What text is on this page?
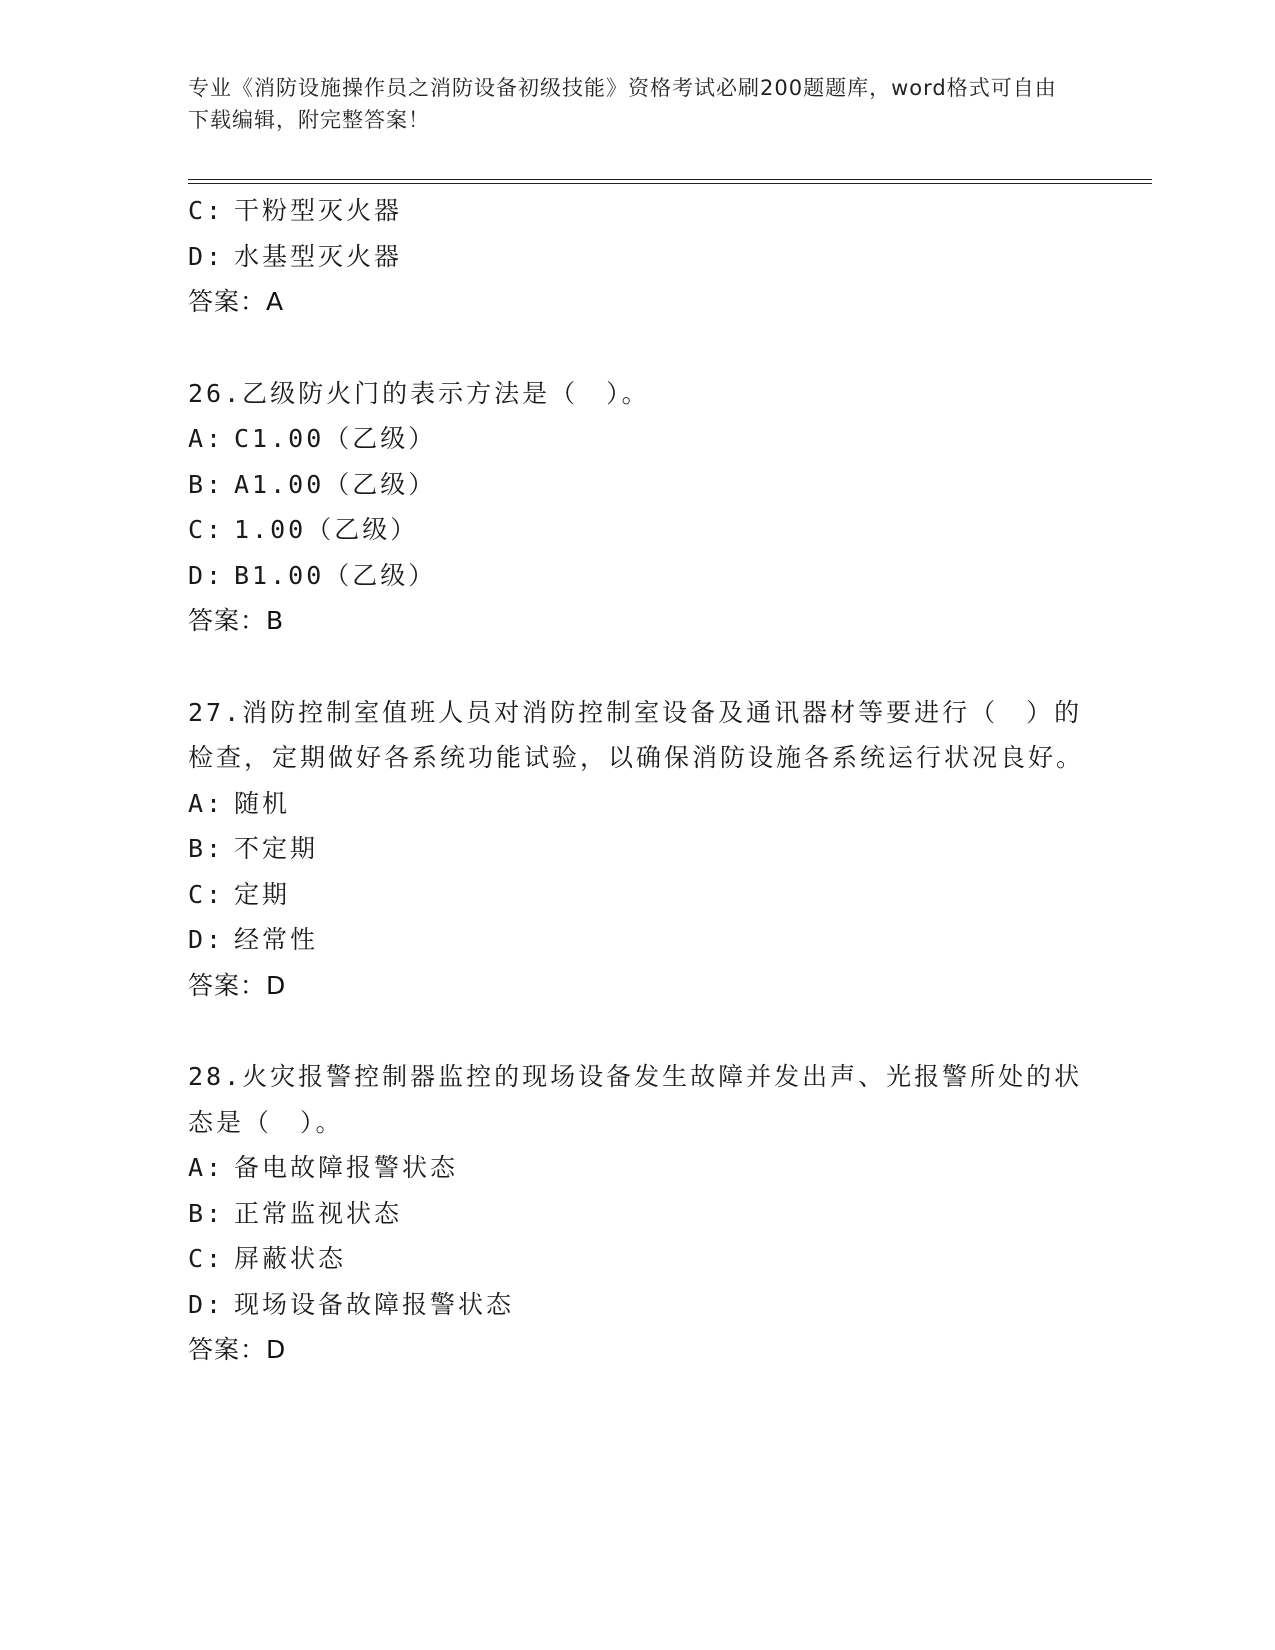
专业《消防设施操作员之消防设备初级技能》资格考试必刷200题题库，word格式可自由下载编辑，附完整答案！
C: 干粉型灭火器
D: 水基型灭火器
答案：A
26.乙级防火门的表示方法是（　）。
A: C1.00（乙级）
B: A1.00（乙级）
C: 1.00（乙级）
D: B1.00（乙级）
答案：B
27.消防控制室值班人员对消防控制室设备及通讯器材等要进行（　）的检查，定期做好各系统功能试验，以确保消防设施各系统运行状况良好。
A: 随机
B: 不定期
C: 定期
D: 经常性
答案：D
28.火灾报警控制器监控的现场设备发生故障并发出声、光报警所处的状态是（　）。
A: 备电故障报警状态
B: 正常监视状态
C: 屏蔽状态
D: 现场设备故障报警状态
答案：D
